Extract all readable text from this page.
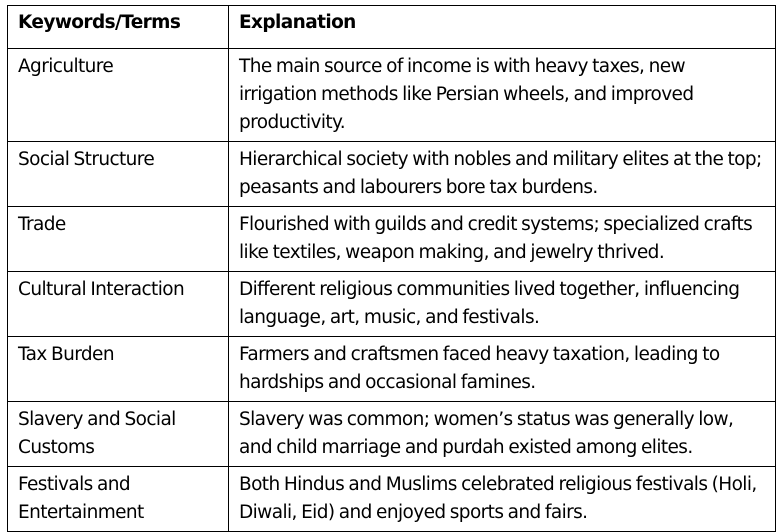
Keywords/Terms	Explanation
Agriculture	The main source of income is with heavy taxes, new irrigation methods like Persian wheels, and improved productivity.
Social Structure	Hierarchical society with nobles and military elites at the top; peasants and labourers bore tax burdens.
Trade	Flourished with guilds and credit systems; specialized crafts like textiles, weapon making, and jewelry thrived.
Cultural Interaction	Different religious communities lived together, influencing language, art, music, and festivals.
Tax Burden	Farmers and craftsmen faced heavy taxation, leading to hardships and occasional famines.
Slavery and Social Customs	Slavery was common; women’s status was generally low, and child marriage and purdah existed among elites.
Festivals and Entertainment	Both Hindus and Muslims celebrated religious festivals (Holi, Diwali, Eid) and enjoyed sports and fairs.
